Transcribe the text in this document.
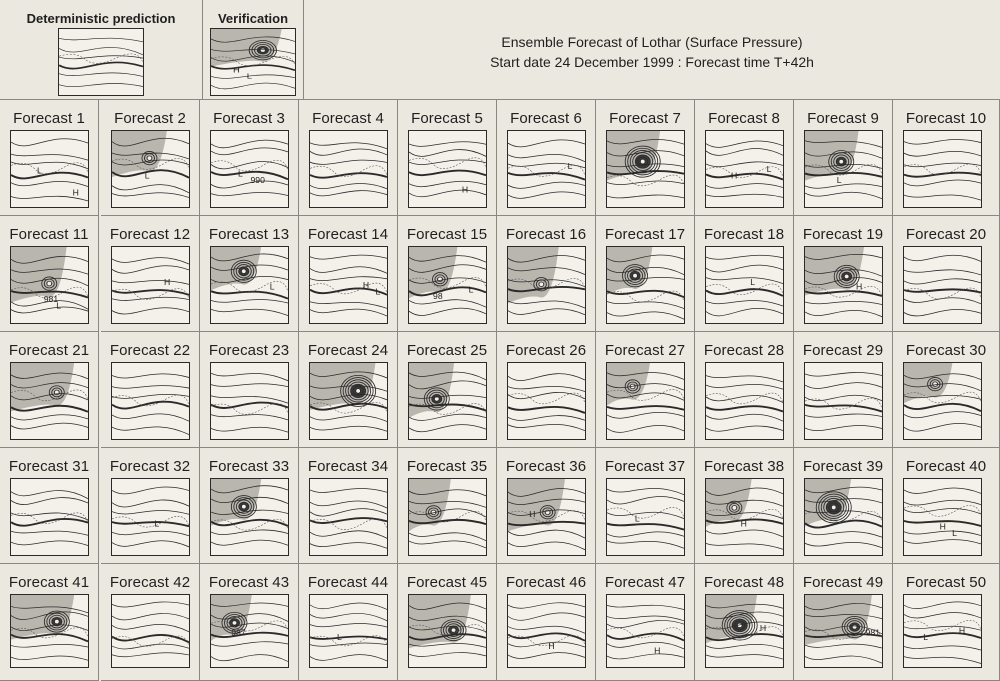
Deterministic prediction	Verification
L
H
Ensemble Forecast of Lothar (Surface Pressure)
Start date 24 December 1999 : Forecast time T+42h
Forecast 1
L
H
Forecast 2
L
Forecast 3
990
L
Forecast 4	Forecast 5
H
Forecast 6
L
Forecast 7	Forecast 8
H
L
Forecast 9
L
Forecast 10
Forecast 11
L
981
Forecast 12
H
Forecast 13
L
Forecast 14
L
H
Forecast 15
98
L
Forecast 16	Forecast 17	Forecast 18
L
Forecast 19
H
Forecast 20
Forecast 21	Forecast 22	Forecast 23	Forecast 24	Forecast 25	Forecast 26	Forecast 27	Forecast 28	Forecast 29	Forecast 30
Forecast 31	Forecast 32
L
Forecast 33	Forecast 34	Forecast 35	Forecast 36
H
Forecast 37
L
Forecast 38
H
Forecast 39	Forecast 40
L
H
Forecast 41	Forecast 42	Forecast 43
987
Forecast 44
L
Forecast 45	Forecast 46
H
Forecast 47
H
Forecast 48
H
Forecast 49
981
Forecast 50
L
H
